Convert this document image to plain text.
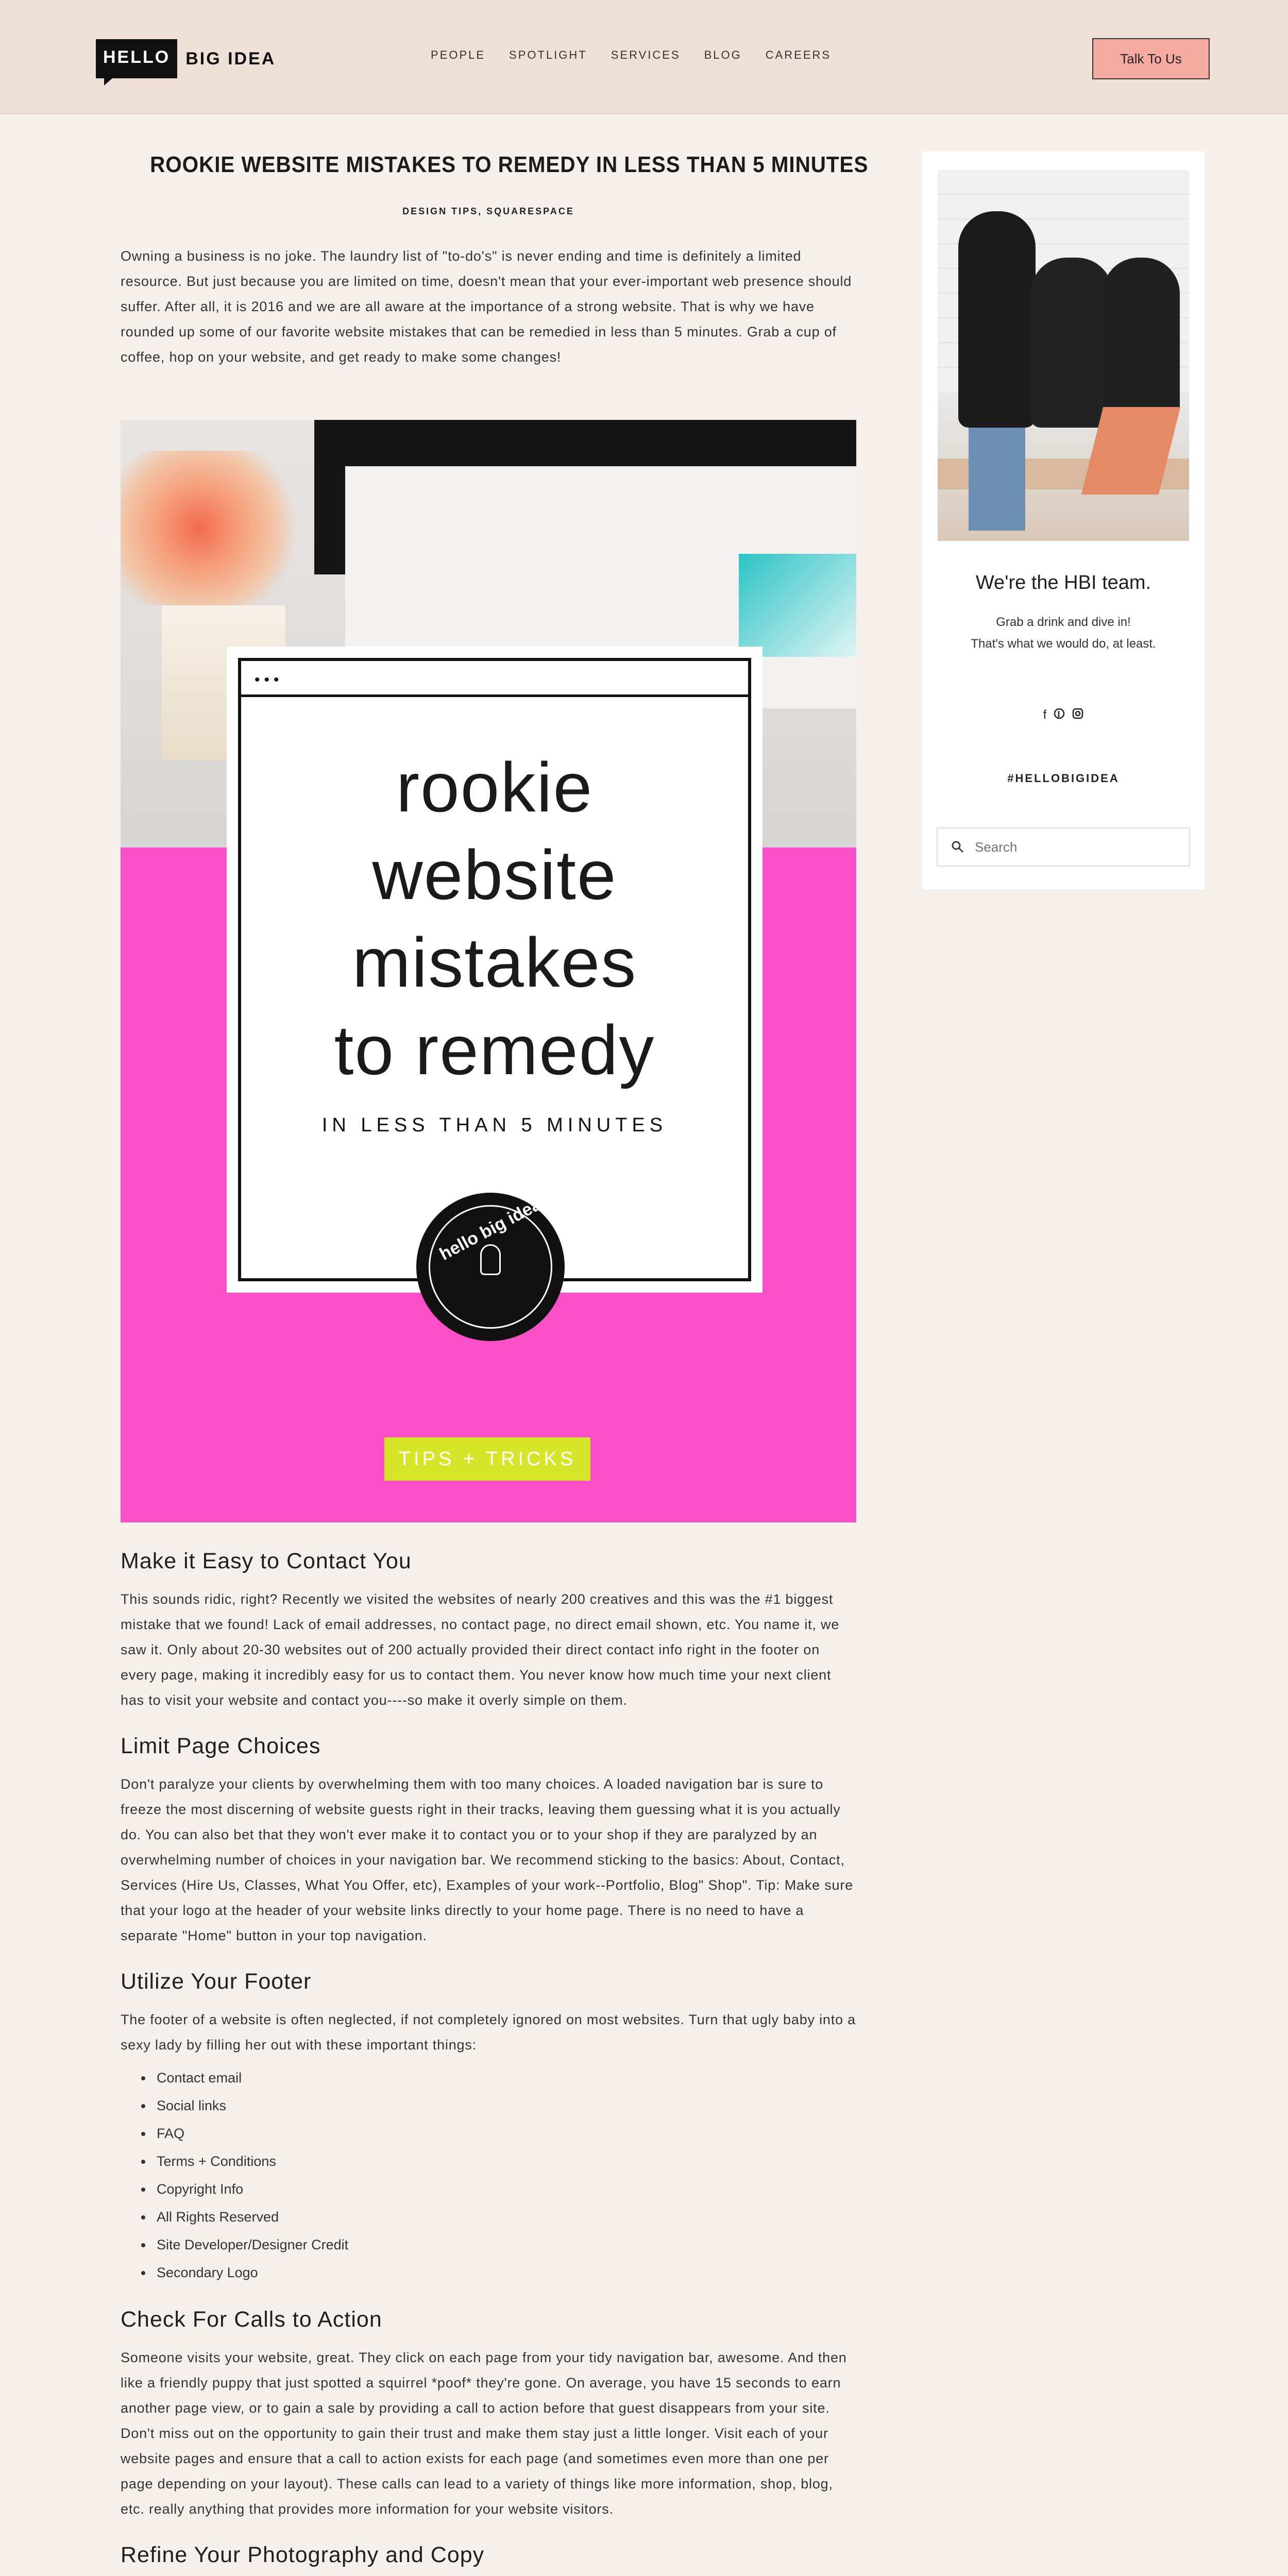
HELLO BIG IDEA	PEOPLE SPOTLIGHT SERVICES BLOG CAREERS	Talk To Us
ROOKIE WEBSITE MISTAKES TO REMEDY IN LESS THAN 5 MINUTES
DESIGN TIPS, SQUARESPACE

Owning a business is no joke. The laundry list of "to-do's" is never ending and time is definitely a limited resource. But just because you are limited on time, doesn't mean that your ever-important web presence should suffer. After all, it is 2016 and we are all aware at the importance of a strong website. That is why we have rounded up some of our favorite website mistakes that can be remedied in less than 5 minutes. Grab a cup of coffee, hop on your website, and get ready to make some changes!

•••
rookie
website
mistakes
to remedy
IN LESS THAN 5 MINUTES
hello big idea
TIPS + TRICKS
Make it Easy to Contact You

This sounds ridic, right? Recently we visited the websites of nearly 200 creatives and this was the #1 biggest mistake that we found! Lack of email addresses, no contact page, no direct email shown, etc. You name it, we saw it. Only about 20-30 websites out of 200 actually provided their direct contact info right in the footer on every page, making it incredibly easy for us to contact them. You never know how much time your next client has to visit your website and contact you----so make it overly simple on them.

Limit Page Choices

Don't paralyze your clients by overwhelming them with too many choices. A loaded navigation bar is sure to freeze the most discerning of website guests right in their tracks, leaving them guessing what it is you actually do. You can also bet that they won't ever make it to contact you or to your shop if they are paralyzed by an overwhelming number of choices in your navigation bar. We recommend sticking to the basics: About, Contact, Services (Hire Us, Classes, What You Offer, etc), Examples of your work--Portfolio, Blog" Shop". Tip: Make sure that your logo at the header of your website links directly to your home page. There is no need to have a separate "Home" button in your top navigation.

Utilize Your Footer

The footer of a website is often neglected, if not completely ignored on most websites. Turn that ugly baby into a sexy lady by filling her out with these important things:

Contact email
Social links
FAQ
Terms + Conditions
Copyright Info
All Rights Reserved
Site Developer/Designer Credit
Secondary Logo
Check For Calls to Action

Someone visits your website, great. They click on each page from your tidy navigation bar, awesome. And then like a friendly puppy that just spotted a squirrel *poof* they're gone. On average, you have 15 seconds to earn another page view, or to gain a sale by providing a call to action before that guest disappears from your site. Don't miss out on the opportunity to gain their trust and make them stay just a little longer. Visit each of your website pages and ensure that a call to action exists for each page (and sometimes even more than one per page depending on your layout). These calls can lead to a variety of things like more information, shop, blog, etc. really anything that provides more information for your website visitors.

Refine Your Photography and Copy

We're the HBI team.
Grab a drink and dive in!
That's what we would do, at least.
f
#HELLOBIGIDEA
Search
